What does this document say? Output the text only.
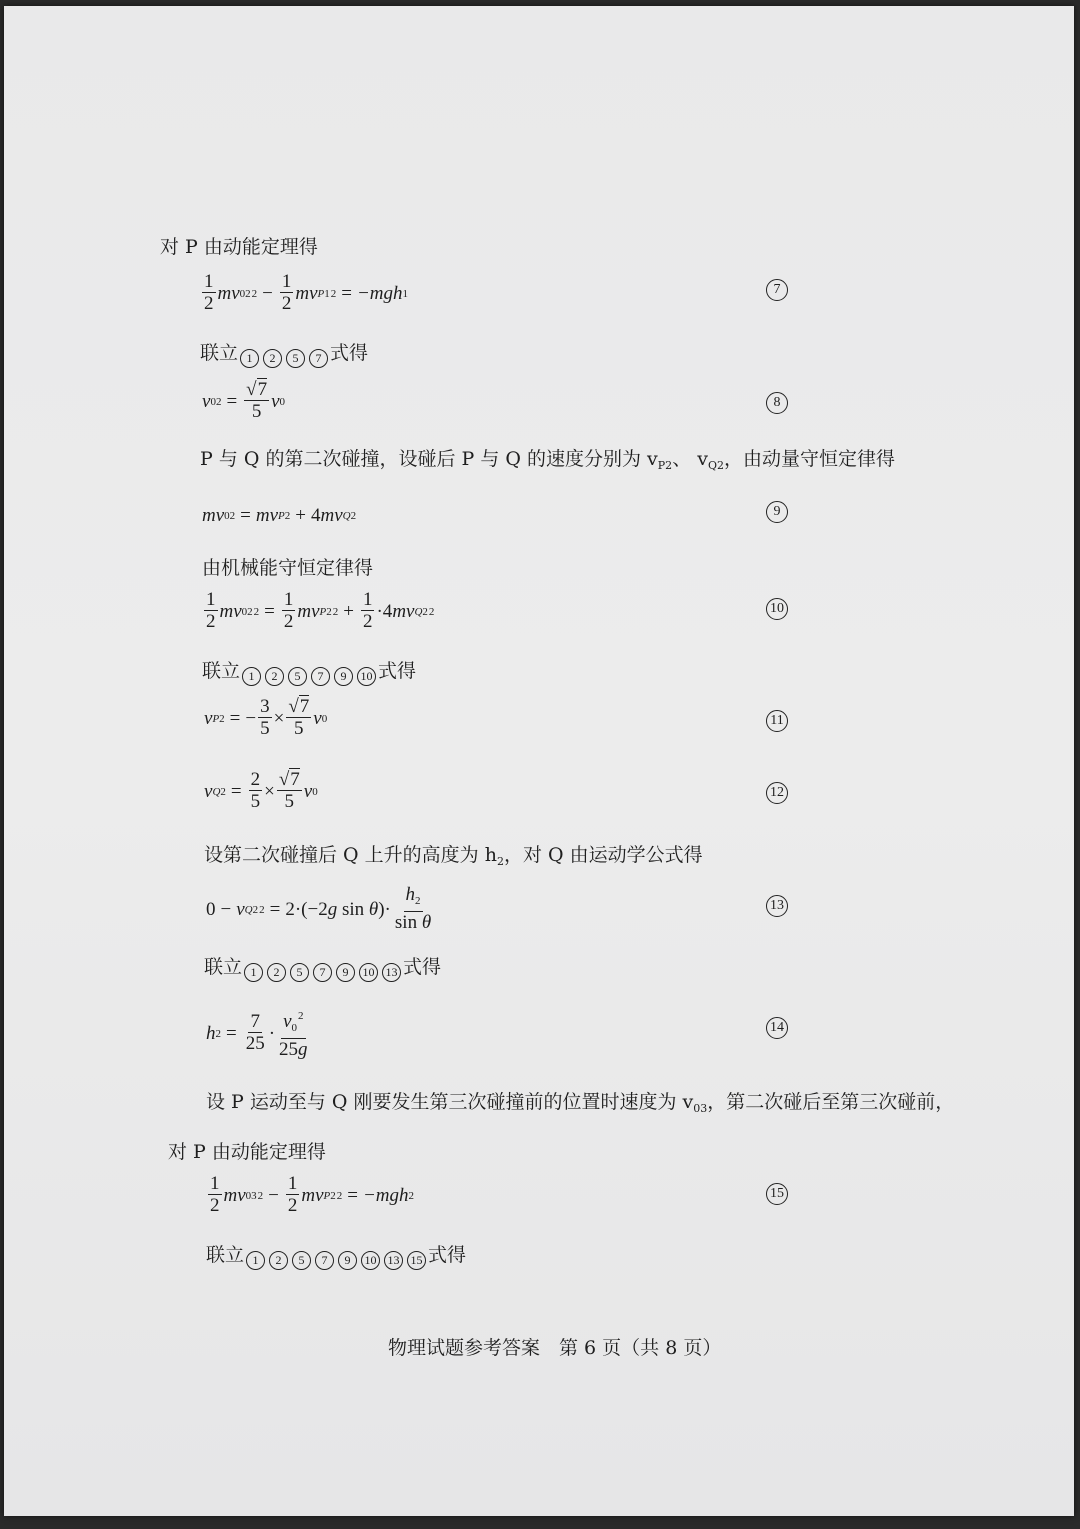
对 P 由动能定理得
$\frac{1}{2}$ mv 02 $2 - \frac{1}{2}$ mv P1 2 = −mgh 1	7
联立 1 2 5 7 式得
v $02 = \frac{√7}{5}$ v 0	8
P 与 Q 的第二次碰撞，设碰后 P 与 Q 的速度分别为 $v_{P2}$、 $v_{Q2}$，由动量守恒定律得
mv 02 = mv P2 + 4 mv Q2	9
由机械能守恒定律得
$\frac{1}{2}$ mv 02 $2 = \frac{1}{2}$ mv P2 $2 + \frac{1}{2} \cdot 4$ mv Q2 2	10
联立 1 2 5 7 9 10 式得
v P2 = − $\frac{3}{5} \times \frac{√7}{5}$ v 0	11
v $Q2 = \frac{2}{5} \times \frac{√7}{5}$ v 0	12
设第二次碰撞后 Q 上升的高度为 $h_2$，对 Q 由运动学公式得
0 − v Q2 2 = 2·(−2 g sin θ )· $\frac{h_2}{\text{sin θ}}$	13
联立 1 2 5 7 9 10 13 式得
h $2 = \frac{7}{25} \cdot \frac{v_0^2}{25g}$	14
设 P 运动至与 Q 刚要发生第三次碰撞前的位置时速度为 $v_{03}$，第二次碰后至第三次碰前，
对 P 由动能定理得
$\frac{1}{2}$ mv 03 $2 - \frac{1}{2}$ mv P2 2 = −mgh 2	15
联立 1 2 5 7 9 10 13 15 式得
物理试题参考答案　第 6 页（共 8 页）
